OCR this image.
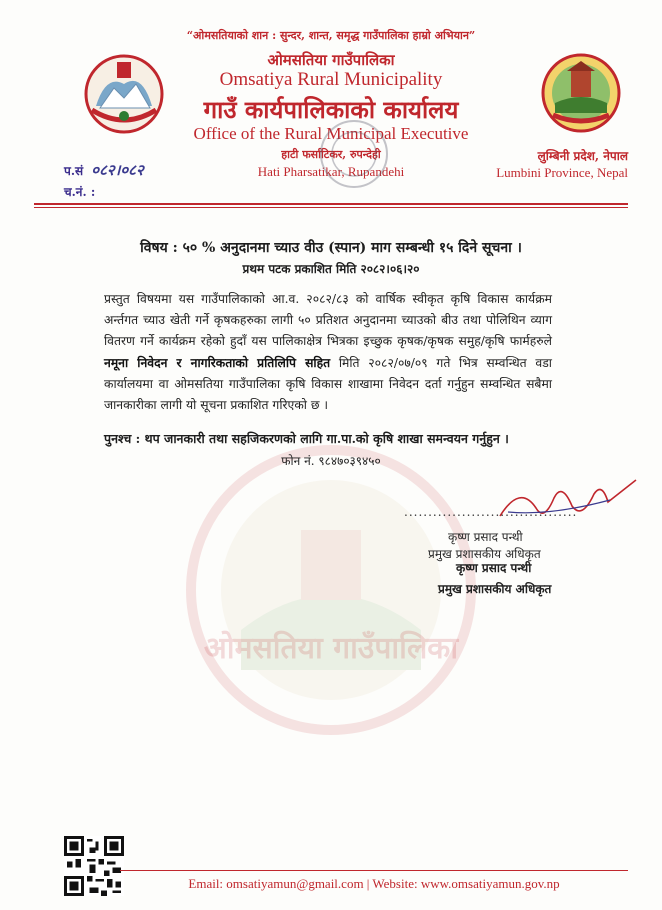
ओमसतिया गाउँपालिका
“ओमसतियाको शान : सुन्दर, शान्त, समृद्ध गाउँपालिका हाम्रो अभियान”
ओमसतिया गाउँपालिका
Omsatiya Rural Municipality
गाउँ कार्यपालिकाको कार्यालय
Office of the Rural Municipal Executive
हाटी फर्साटिकर, रुपन्देही
Hati Pharsatikar, Rupandehi
लुम्बिनी प्रदेश, नेपाल
Lumbini Province, Nepal
प.सं ०८२।०८२
च.नं. :
विषय : ५० % अनुदानमा च्याउ वीउ (स्पान) माग सम्बन्धी १५ दिने सूचना ।
प्रथम पटक प्रकाशित मिति २०८२।०६।२०
प्रस्तुत विषयमा यस गाउँपालिकाको आ.व. २०८२/८३ को वार्षिक स्वीकृत कृषि विकास कार्यक्रम अर्न्तगत च्याउ खेती गर्ने कृषकहरुका लागी ५० प्रतिशत अनुदानमा च्याउको बीउ तथा पोलिथिन व्याग वितरण गर्ने कार्यक्रम रहेको हुदाँ यस पालिकाक्षेत्र भित्रका इच्छुक कृषक/कृषक समुह/कृषि फार्महरुले नमूना निवेदन र नागरिकताको प्रतिलिपि सहित मिति २०८२/०७/०९ गते भित्र सम्वन्धित वडा कार्यालयमा वा ओमसतिया गाउँपालिका कृषि विकास शाखामा निवेदन दर्ता गर्नुहुन सम्वन्धित सबैमा जानकारीका लागी यो सूचना प्रकाशित गरिएको छ ।
पुनश्च : थप जानकारी तथा सहजिकरणको लागि गा.पा.को कृषि शाखा समन्वयन गर्नुहुन ।
फोन नं. ९८४७०३९४५०
....................................
कृष्ण प्रसाद पन्थी
प्रमुख प्रशासकीय अधिकृत
कृष्ण प्रसाद पन्थी
प्रमुख प्रशासकीय अधिकृत
Email: omsatiyamun@gmail.com | Website: www.omsatiyamun.gov.np
